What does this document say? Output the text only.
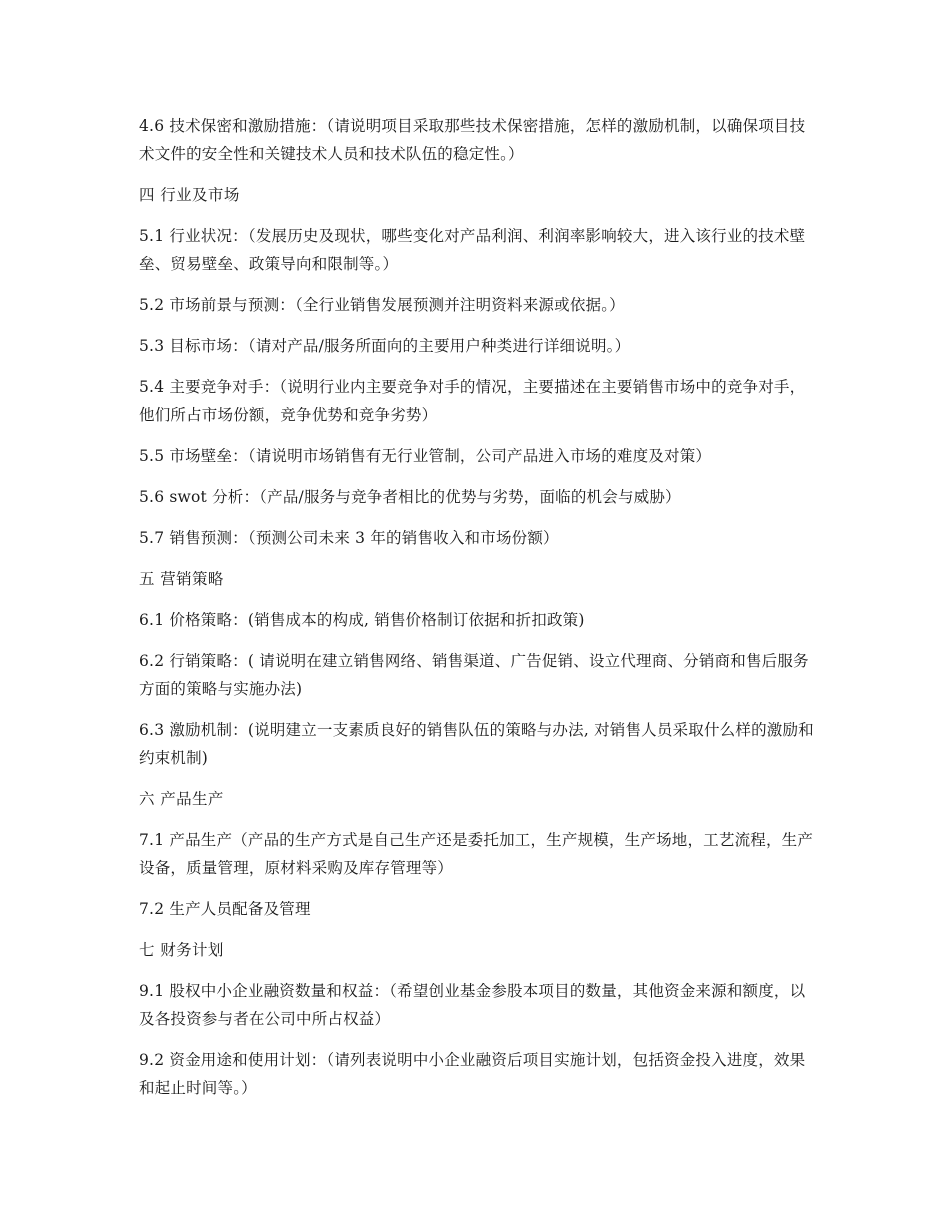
4.6 技术保密和激励措施：（请说明项目采取那些技术保密措施，怎样的激励机制，以确保项目技术文件的安全性和关键技术人员和技术队伍的稳定性。）

四 行业及市场

5.1 行业状况：（发展历史及现状，哪些变化对产品利润、利润率影响较大，进入该行业的技术壁垒、贸易壁垒、政策导向和限制等。）

5.2 市场前景与预测：（全行业销售发展预测并注明资料来源或依据。）

5.3 目标市场：（请对产品/服务所面向的主要用户种类进行详细说明。）

5.4 主要竞争对手：（说明行业内主要竞争对手的情况，主要描述在主要销售市场中的竞争对手，他们所占市场份额，竞争优势和竞争劣势）

5.5 市场壁垒：（请说明市场销售有无行业管制，公司产品进入市场的难度及对策）

5.6 swot 分析：（产品/服务与竞争者相比的优势与劣势，面临的机会与威胁）

5.7 销售预测：（预测公司未来 3 年的销售收入和市场份额）

五 营销策略

6.1 价格策略：(销售成本的构成, 销售价格制订依据和折扣政策)

6.2 行销策略：( 请说明在建立销售网络、销售渠道、广告促销、设立代理商、分销商和售后服务方面的策略与实施办法)

6.3 激励机制：(说明建立一支素质良好的销售队伍的策略与办法, 对销售人员采取什么样的激励和约束机制)

六 产品生产

7.1 产品生产（产品的生产方式是自己生产还是委托加工，生产规模，生产场地，工艺流程，生产设备，质量管理，原材料采购及库存管理等）

7.2 生产人员配备及管理

七 财务计划

9.1 股权中小企业融资数量和权益：（希望创业基金参股本项目的数量，其他资金来源和额度，以及各投资参与者在公司中所占权益）

9.2 资金用途和使用计划：（请列表说明中小企业融资后项目实施计划，包括资金投入进度，效果和起止时间等。）
